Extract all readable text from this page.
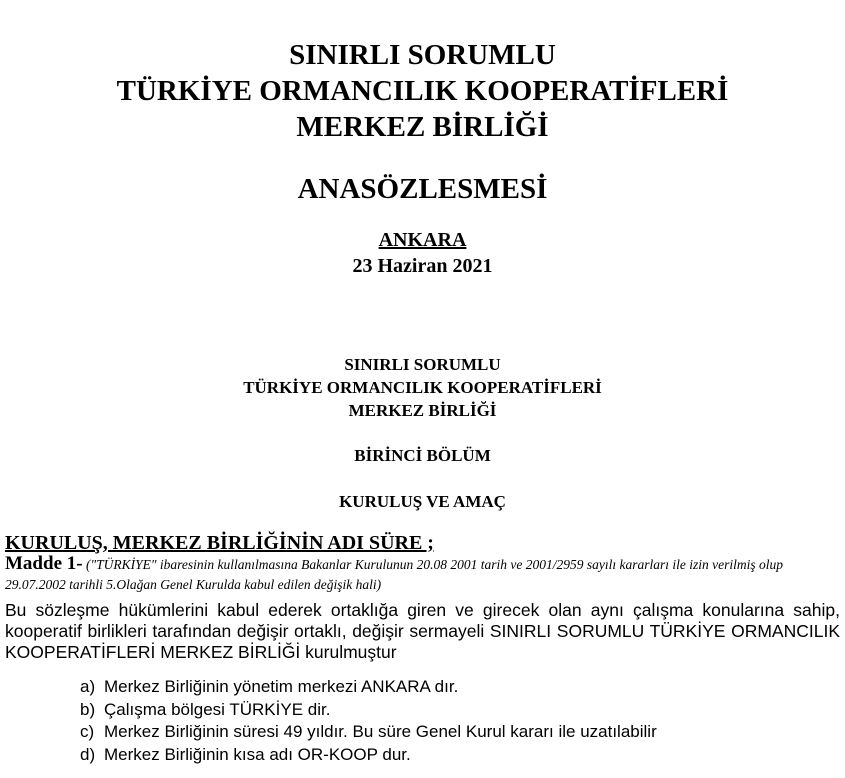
SINIRLI SORUMLU
TÜRKİYE ORMANCILIK KOOPERATİFLERİ
MERKEZ BİRLİĞİ
ANASÖZLESMESİ
ANKARA
23 Haziran 2021
SINIRLI SORUMLU
TÜRKİYE ORMANCILIK KOOPERATİFLERİ
MERKEZ BİRLİĞİ
BİRİNCİ BÖLÜM
KURULUŞ VE AMAÇ
KURULUŞ, MERKEZ BİRLİĞİNİN ADI SÜRE ;
Madde 1- ("TÜRKİYE" ibaresinin kullanılmasına Bakanlar Kurulunun 20.08 2001 tarih ve 2001/2959 sayılı kararları ile izin verilmiş olup 29.07.2002 tarihli 5.Olağan Genel Kurulda kabul edilen değişik hali)
Bu sözleşme hükümlerini kabul ederek ortaklığa giren ve girecek olan aynı çalışma konularına sahip, kooperatif birlikleri tarafından değişir ortaklı, değişir sermayeli SINIRLI SORUMLU TÜRKİYE ORMANCILIK KOOPERATİFLERİ MERKEZ BİRLİĞİ kurulmuştur
a) Merkez Birliğinin yönetim merkezi ANKARA dır.
b) Çalışma bölgesi TÜRKİYE dir.
c) Merkez Birliğinin süresi 49 yıldır. Bu süre Genel Kurul kararı ile uzatılabilir
d) Merkez Birliğinin kısa adı OR-KOOP dur.
